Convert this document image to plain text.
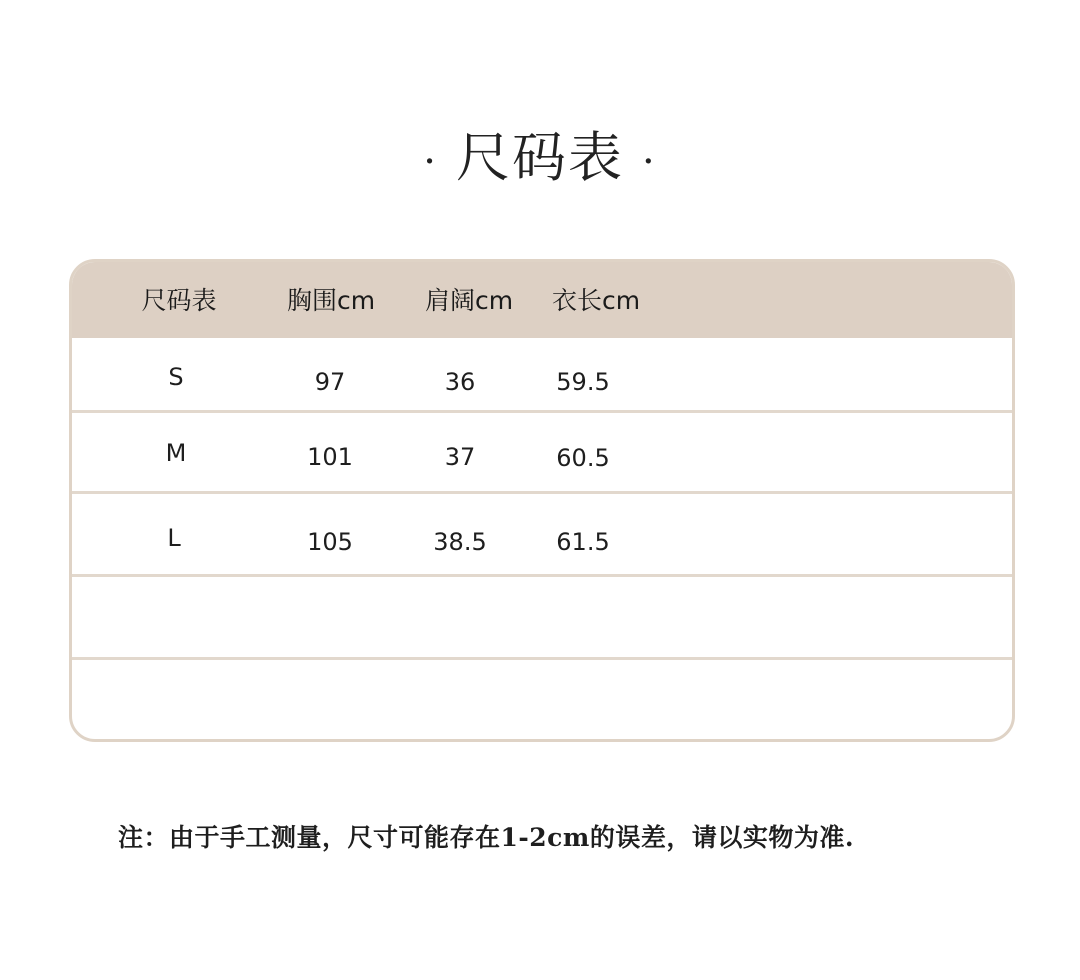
· 尺码表 ·
尺码表	胸围cm 肩阔cm 衣长cm
S	97	36	59.5
M	101	37	60.5
L	105	38.5	61.5
注：由于手工测量，尺寸可能存在1-2cm的误差，请以实物为准.
